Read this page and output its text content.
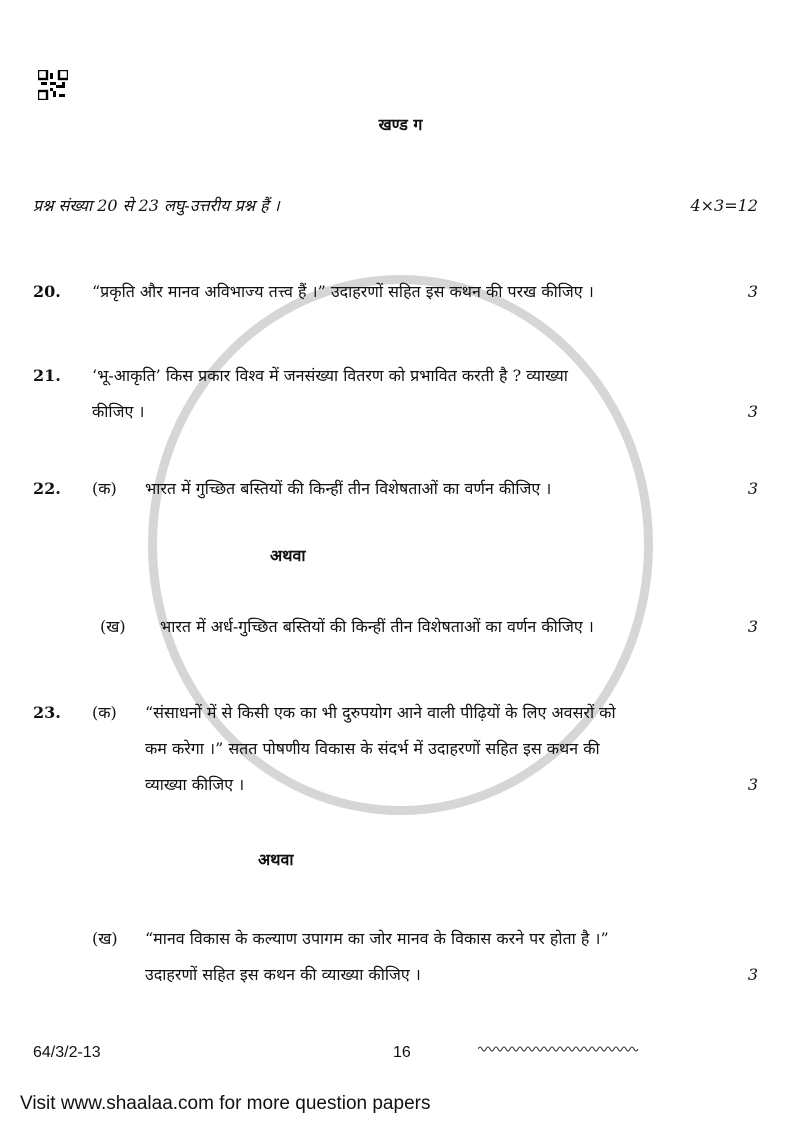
खण्ड ग
प्रश्न संख्या 20 से 23 लघु-उत्तरीय प्रश्न हैं ।	4×3=12
20.	“प्रकृति और मानव अविभाज्य तत्त्व हैं ।” उदाहरणों सहित इस कथन की परख कीजिए ।	3
21.	‘भू-आकृति’ किस प्रकार विश्व में जनसंख्या वितरण को प्रभावित करती है ? व्याख्या
कीजिए ।	3
22.	(क)	भारत में गुच्छित बस्तियों की किन्हीं तीन विशेषताओं का वर्णन कीजिए ।	3
अथवा
(ख)	भारत में अर्ध-गुच्छित बस्तियों की किन्हीं तीन विशेषताओं का वर्णन कीजिए ।	3
23.	(क)	“संसाधनों में से किसी एक का भी दुरुपयोग आने वाली पीढ़ियों के लिए अवसरों को
कम करेगा ।” सतत पोषणीय विकास के संदर्भ में उदाहरणों सहित इस कथन की
व्याख्या कीजिए ।	3
अथवा
(ख)	“मानव विकास के कल्याण उपागम का जोर मानव के विकास करने पर होता है ।”
उदाहरणों सहित इस कथन की व्याख्या कीजिए ।	3
64/3/2-13	16
Visit www.shaalaa.com for more question papers
